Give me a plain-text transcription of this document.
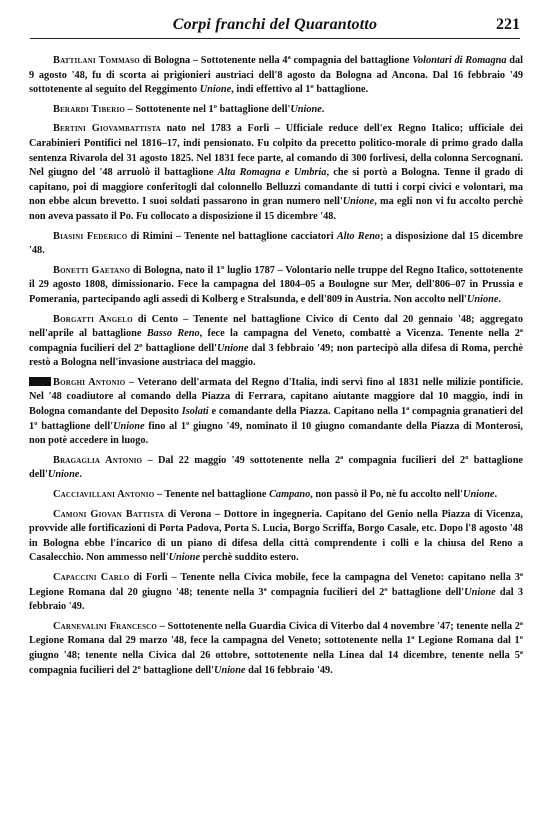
Corpi franchi del Quarantotto	221

Battilani Tommaso di Bologna – Sottotenente nella 4ª compagnia del battaglione Volontari di Romagna dal 9 agosto '48, fu di scorta ai prigionieri austriaci dell'8 agosto da Bologna ad Ancona. Dal 16 febbraio '49 sottotenente al seguito del Reggimento Unione, indi effettivo al 1º battaglione.

Berardi Tiberio – Sottotenente nel 1º battaglione dell'Unione.

Bertini Giovambattista nato nel 1783 a Forlì – Ufficiale reduce dell'ex Regno Italico; ufficiale dei Carabinieri Pontifici nel 1816–17, indi pensionato. Fu colpito da precetto politico-morale di primo grado dalla sentenza Rivarola del 31 agosto 1825. Nel 1831 fece parte, al comando di 300 forlivesi, della colonna Sercognani. Nel giugno del '48 arruolò il battaglione Alta Romagna e Umbria, che si portò a Bologna. Tenne il grado di capitano, poi di maggiore conferitogli dal colonnello Belluzzi comandante di tutti i corpi civici e volontari, ma non ebbe alcun brevetto. I suoi soldati passarono in gran numero nell'Unione, ma egli non vi fu accolto perchè non aveva passato il Po. Fu collocato a disposizione il 15 dicembre '48.

Biasini Federico di Rimini – Tenente nel battaglione cacciatori Alto Reno; a disposizione dal 15 dicembre '48.

Bonetti Gaetano di Bologna, nato il 1º luglio 1787 – Volontario nelle truppe del Regno Italico, sottotenente il 29 agosto 1808, dimissionario. Fece la campagna del 1804–05 a Boulogne sur Mer, dell'806–07 in Prussia e Pomerania, partecipando agli assedi di Kolberg e Stralsunda, e dell'809 in Austria. Non accolto nell'Unione.

Borgatti Angelo di Cento – Tenente nel battaglione Civico di Cento dal 20 gennaio '48; aggregato nell'aprile al battaglione Basso Reno, fece la campagna del Veneto, combattè a Vicenza. Tenente nella 2ª compagnia fucilieri del 2º battaglione dell'Unione dal 3 febbraio '49; non partecipò alla difesa di Roma, perchè restò a Bologna nell'invasione austriaca del maggio.

Borghi Antonio – Veterano dell'armata del Regno d'Italia, indi servì fino al 1831 nelle milizie pontificie. Nel '48 coadiutore al comando della Piazza di Ferrara, capitano aiutante maggiore dal 10 maggio, indi in Bologna comandante del Deposito Isolati e comandante della Piazza. Capitano nella 1ª compagnia granatieri del 1º battaglione dell'Unione fino al 1º giugno '49, nominato il 10 giugno comandante della Piazza di Monterosi, non potè accedere in luogo.

Bragaglia Antonio – Dal 22 maggio '49 sottotenente nella 2ª compagnia fucilieri del 2º battaglione dell'Unione.

Cacciavillani Antonio – Tenente nel battaglione Campano, non passò il Po, nè fu accolto nell'Unione.

Camoni Giovan Battista di Verona – Dottore in ingegneria. Capitano del Genio nella Piazza di Vicenza, provvide alle fortificazioni di Porta Padova, Porta S. Lucia, Borgo Scriffa, Borgo Casale, etc. Dopo l'8 agosto '48 in Bologna ebbe l'incarico di un piano di difesa della città comprendente i colli e la chiusa del Reno a Casalecchio. Non ammesso nell'Unione perchè suddito estero.

Capaccini Carlo di Forlì – Tenente nella Civica mobile, fece la campagna del Veneto: capitano nella 3ª Legione Romana dal 20 giugno '48; tenente nella 3ª compagnia fucilieri del 2º battaglione dell'Unione dal 3 febbraio '49.

Carnevalini Francesco – Sottotenente nella Guardia Civica di Viterbo dal 4 novembre '47; tenente nella 2ª Legione Romana dal 29 marzo '48, fece la campagna del Veneto; sottotenente nella 1ª Legione Romana dal 1º giugno '48; tenente nella Civica dal 26 ottobre, sottotenente nella Linea dal 14 dicembre, tenente nella 5ª compagnia fucilieri del 2º battaglione dell'Unione dal 16 febbraio '49.
